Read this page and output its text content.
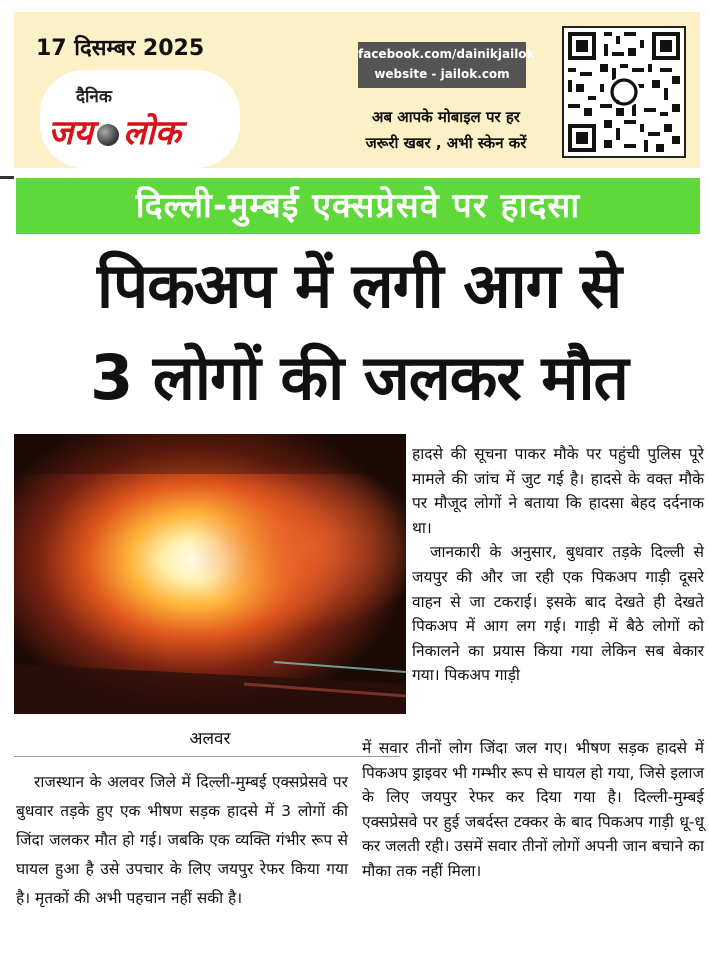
17 दिसम्बर 2025
दैनिक
जय लोक
facebook.com/dainikjailok
website - jailok.com
अब आपके मोबाइल पर हर
जरूरी खबर , अभी स्केन करें
दिल्ली-मुम्बई एक्सप्रेसवे पर हादसा
पिकअप में लगी आग से
3 लोगों की जलकर मौत
अलवर

राजस्थान के अलवर जिले में दिल्ली-मुम्बई एक्सप्रेसवे पर बुधवार तड़के हुए एक भीषण सड़क हादसे में 3 लोगों की जिंदा जलकर मौत हो गई। जबकि एक व्यक्ति गंभीर रूप से घायल हुआ है उसे उपचार के लिए जयपुर रेफर किया गया है। मृतकों की अभी पहचान नहीं सकी है।

हादसे की सूचना पाकर मौके पर पहुंची पुलिस पूरे मामले की जांच में जुट गई है। हादसे के वक्त मौके पर मौजूद लोगों ने बताया कि हादसा बेहद दर्दनाक था।

जानकारी के अनुसार, बुधवार तड़के दिल्ली से जयपुर की और जा रही एक पिकअप गाड़ी दूसरे वाहन से जा टकराई। इसके बाद देखते ही देखते पिकअप में आग लग गई। गाड़ी में बैठे लोगों को निकालने का प्रयास किया गया लेकिन सब बेकार गया। पिकअप गाड़ी

में सवार तीनों लोग जिंदा जल गए। भीषण सड़क हादसे में पिकअप ड्राइवर भी गम्भीर रूप से घायल हो गया, जिसे इलाज के लिए जयपुर रेफर कर दिया गया है। दिल्ली-मुम्बई एक्सप्रेसवे पर हुई जबर्दस्त टक्कर के बाद पिकअप गाड़ी धू-धू कर जलती रही। उसमें सवार तीनों लोगों अपनी जान बचाने का मौका तक नहीं मिला।
